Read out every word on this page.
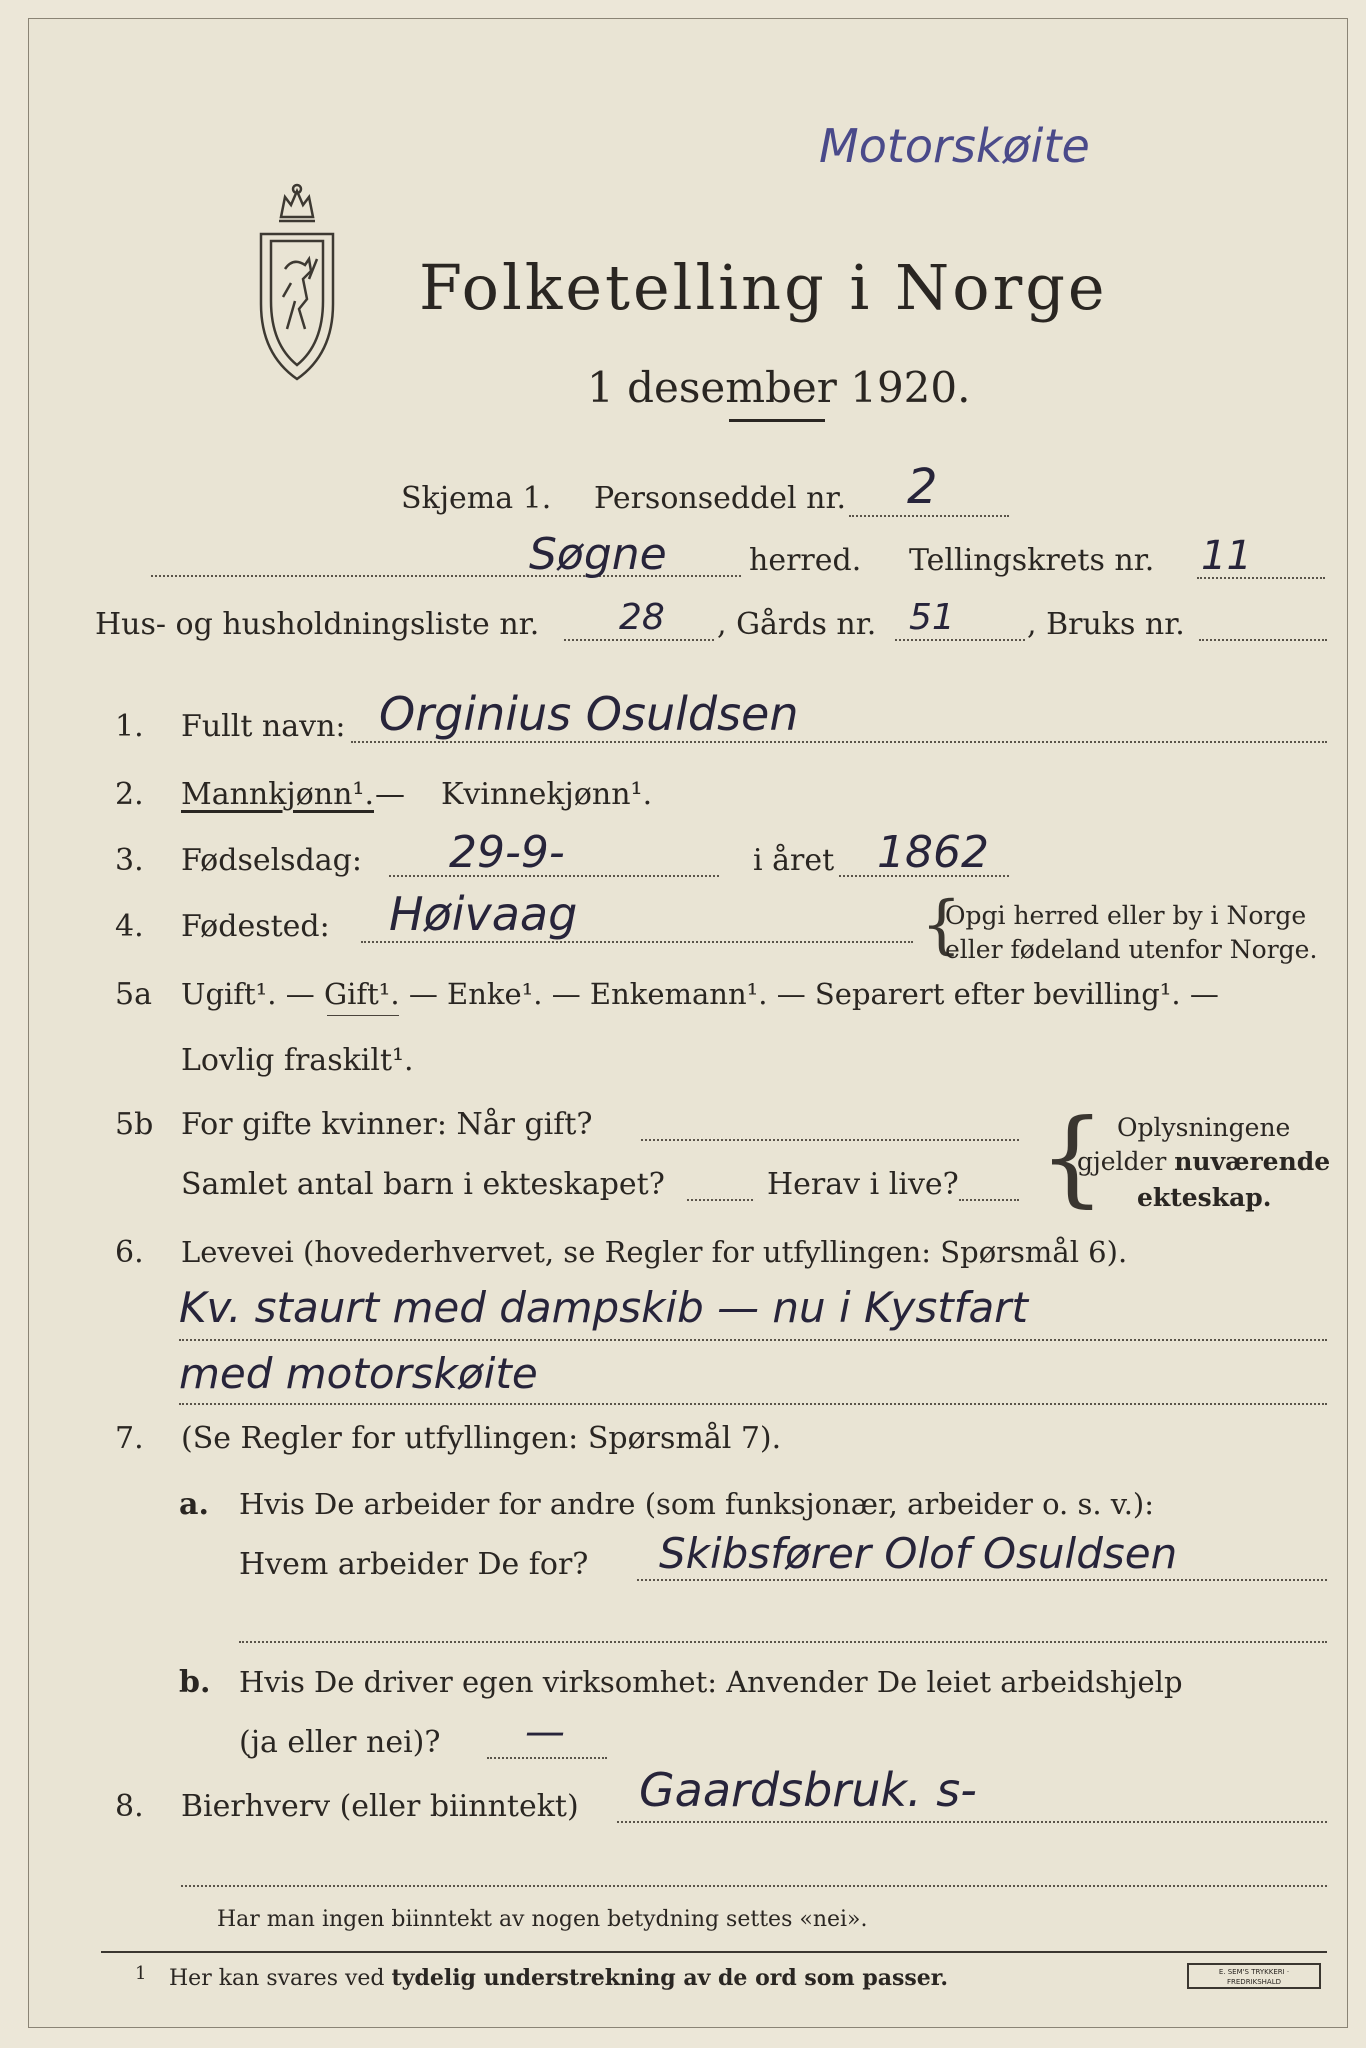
Motorskøite
Folketelling i Norge
1 desember 1920.
Skjema 1. Personseddel nr. 2
Søgne	herred. Tellingskrets nr. 11
Hus- og husholdningsliste nr. 28 , Gårds nr. 51 , Bruks nr.
1. Fullt navn: Orginius Osuldsen
2. Mannkjønn¹. — Kvinnekjønn¹.
3. Fødselsdag: 29-9-	i året 1862
4. Fødested: Høivaag	{
Opgi herred eller by i Norge
eller fødeland utenfor Norge.
5a Ugift¹. — Gift¹. — Enke¹. — Enkemann¹. — Separert efter bevilling¹. —
Lovlig fraskilt¹.
5b For gifte kvinner: Når gift?
Samlet antal barn i ekteskapet?	Herav i live? { Oplysningene
gjelder nuværende
ekteskap.
6. Levevei (hovederhvervet, se Regler for utfyllingen: Spørsmål 6).
Kv. staurt med dampskib — nu i Kystfart
med motorskøite
7. (Se Regler for utfyllingen: Spørsmål 7).
a. Hvis De arbeider for andre (som funksjonær, arbeider o. s. v.):
Hvem arbeider De for? Skibsfører Olof Osuldsen
b. Hvis De driver egen virksomhet: Anvender De leiet arbeidshjelp
(ja eller nei)? —
8. Bierhverv (eller biinntekt) Gaardsbruk. s-
Har man ingen biinntekt av nogen betydning settes «nei».
1 Her kan svares ved tydelig understrekning av de ord som passer.	E. SEM'S TRYKKERI · FREDRIKSHALD
